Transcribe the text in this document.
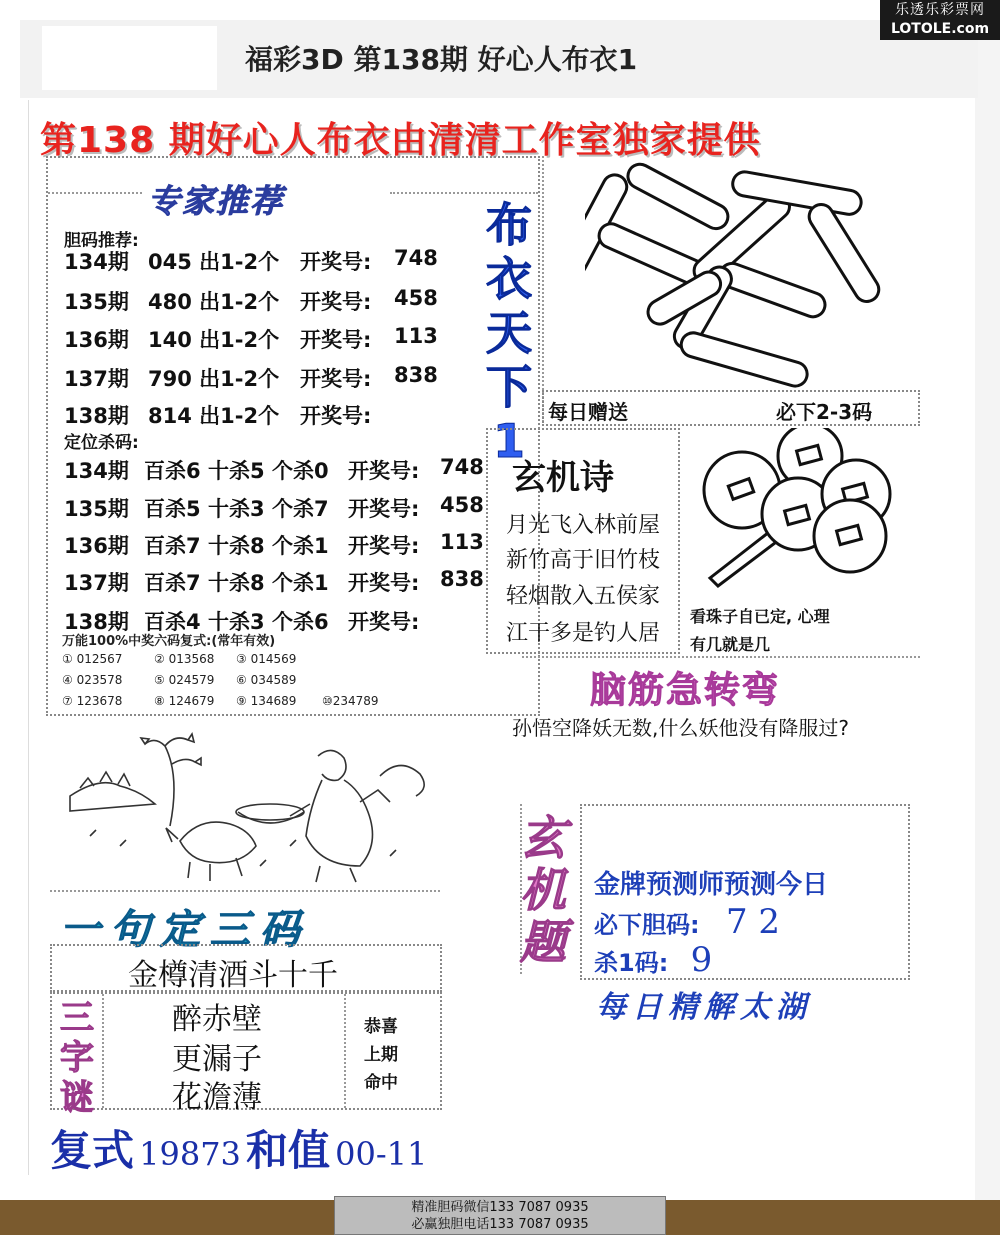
福彩3D 第138期 好心人布衣1
乐透乐彩票网
LOTOLE.com
第138 期好心人布衣由清清工作室独家提供
专家推荐
胆码推荐:
134期 045 出1-2个 开奖号: 748
135期 480 出1-2个 开奖号: 458
136期 140 出1-2个 开奖号: 113
137期 790 出1-2个 开奖号: 838
138期 814 出1-2个 开奖号:
定位杀码:
134期 百杀6 十杀5 个杀0 开奖号: 748
135期 百杀5 十杀3 个杀7 开奖号: 458
136期 百杀7 十杀8 个杀1 开奖号: 113
137期 百杀7 十杀8 个杀1 开奖号: 838
138期 百杀4 十杀3 个杀6 开奖号:
万能100%中奖六码复式:(常年有效)
① 012567	② 013568 ③ 014569
④ 023578	⑤ 024579 ⑥ 034589
⑦ 123678	⑧ 124679 ⑨ 134689 ⑩234789
一句定三码
金樽清酒斗十千
三
字
谜
醉赤壁
更漏子
花澹薄
恭喜
上期
命中
复式 19873 和值 00-11
布
衣
天
下
1
每日赠送	必下2-3码
玄机诗
月光飞入林前屋
新竹高于旧竹枝
轻烟散入五侯家
江干多是钓人居
看珠子自已定, 心理
有几就是几
脑筋急转弯
孙悟空降妖无数,什么妖他没有降服过?
玄
机
题
金牌预测师预测今日
必下胆码: 7 2
杀1码: 9
每日精解太湖
精准胆码微信133 7087 0935
必赢独胆电话133 7087 0935
